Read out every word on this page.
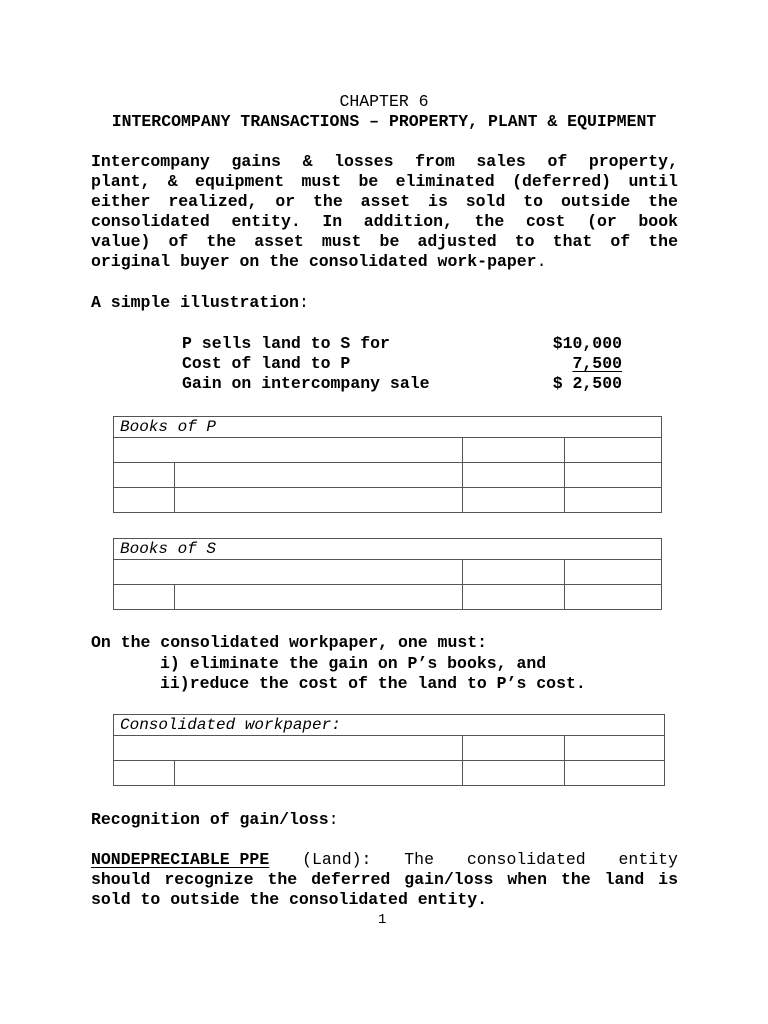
CHAPTER 6
INTERCOMPANY TRANSACTIONS – PROPERTY, PLANT & EQUIPMENT
Intercompany gains & losses from sales of property,
plant, & equipment must be eliminated (deferred) until
either realized, or the asset is sold to outside the
consolidated entity. In addition, the cost (or book
value) of the asset must be adjusted to that of the
original buyer on the consolidated work-paper .
A simple illustration:
P sells land to S for	$10,000
Cost of land to P	7,500
Gain on intercompany sale	$ 2,500
Books of P			

Books of S			

On the consolidated workpaper, one must:
i) eliminate the gain on P’s books, and
ii)reduce the cost of the land to P’s cost.
Consolidated workpaper:			

Recognition of gain/loss:
NONDEPRECIABLE PPE (Land): The consolidated entity
should recognize the deferred gain/loss when the land is
sold to outside the consolidated entity.
1
